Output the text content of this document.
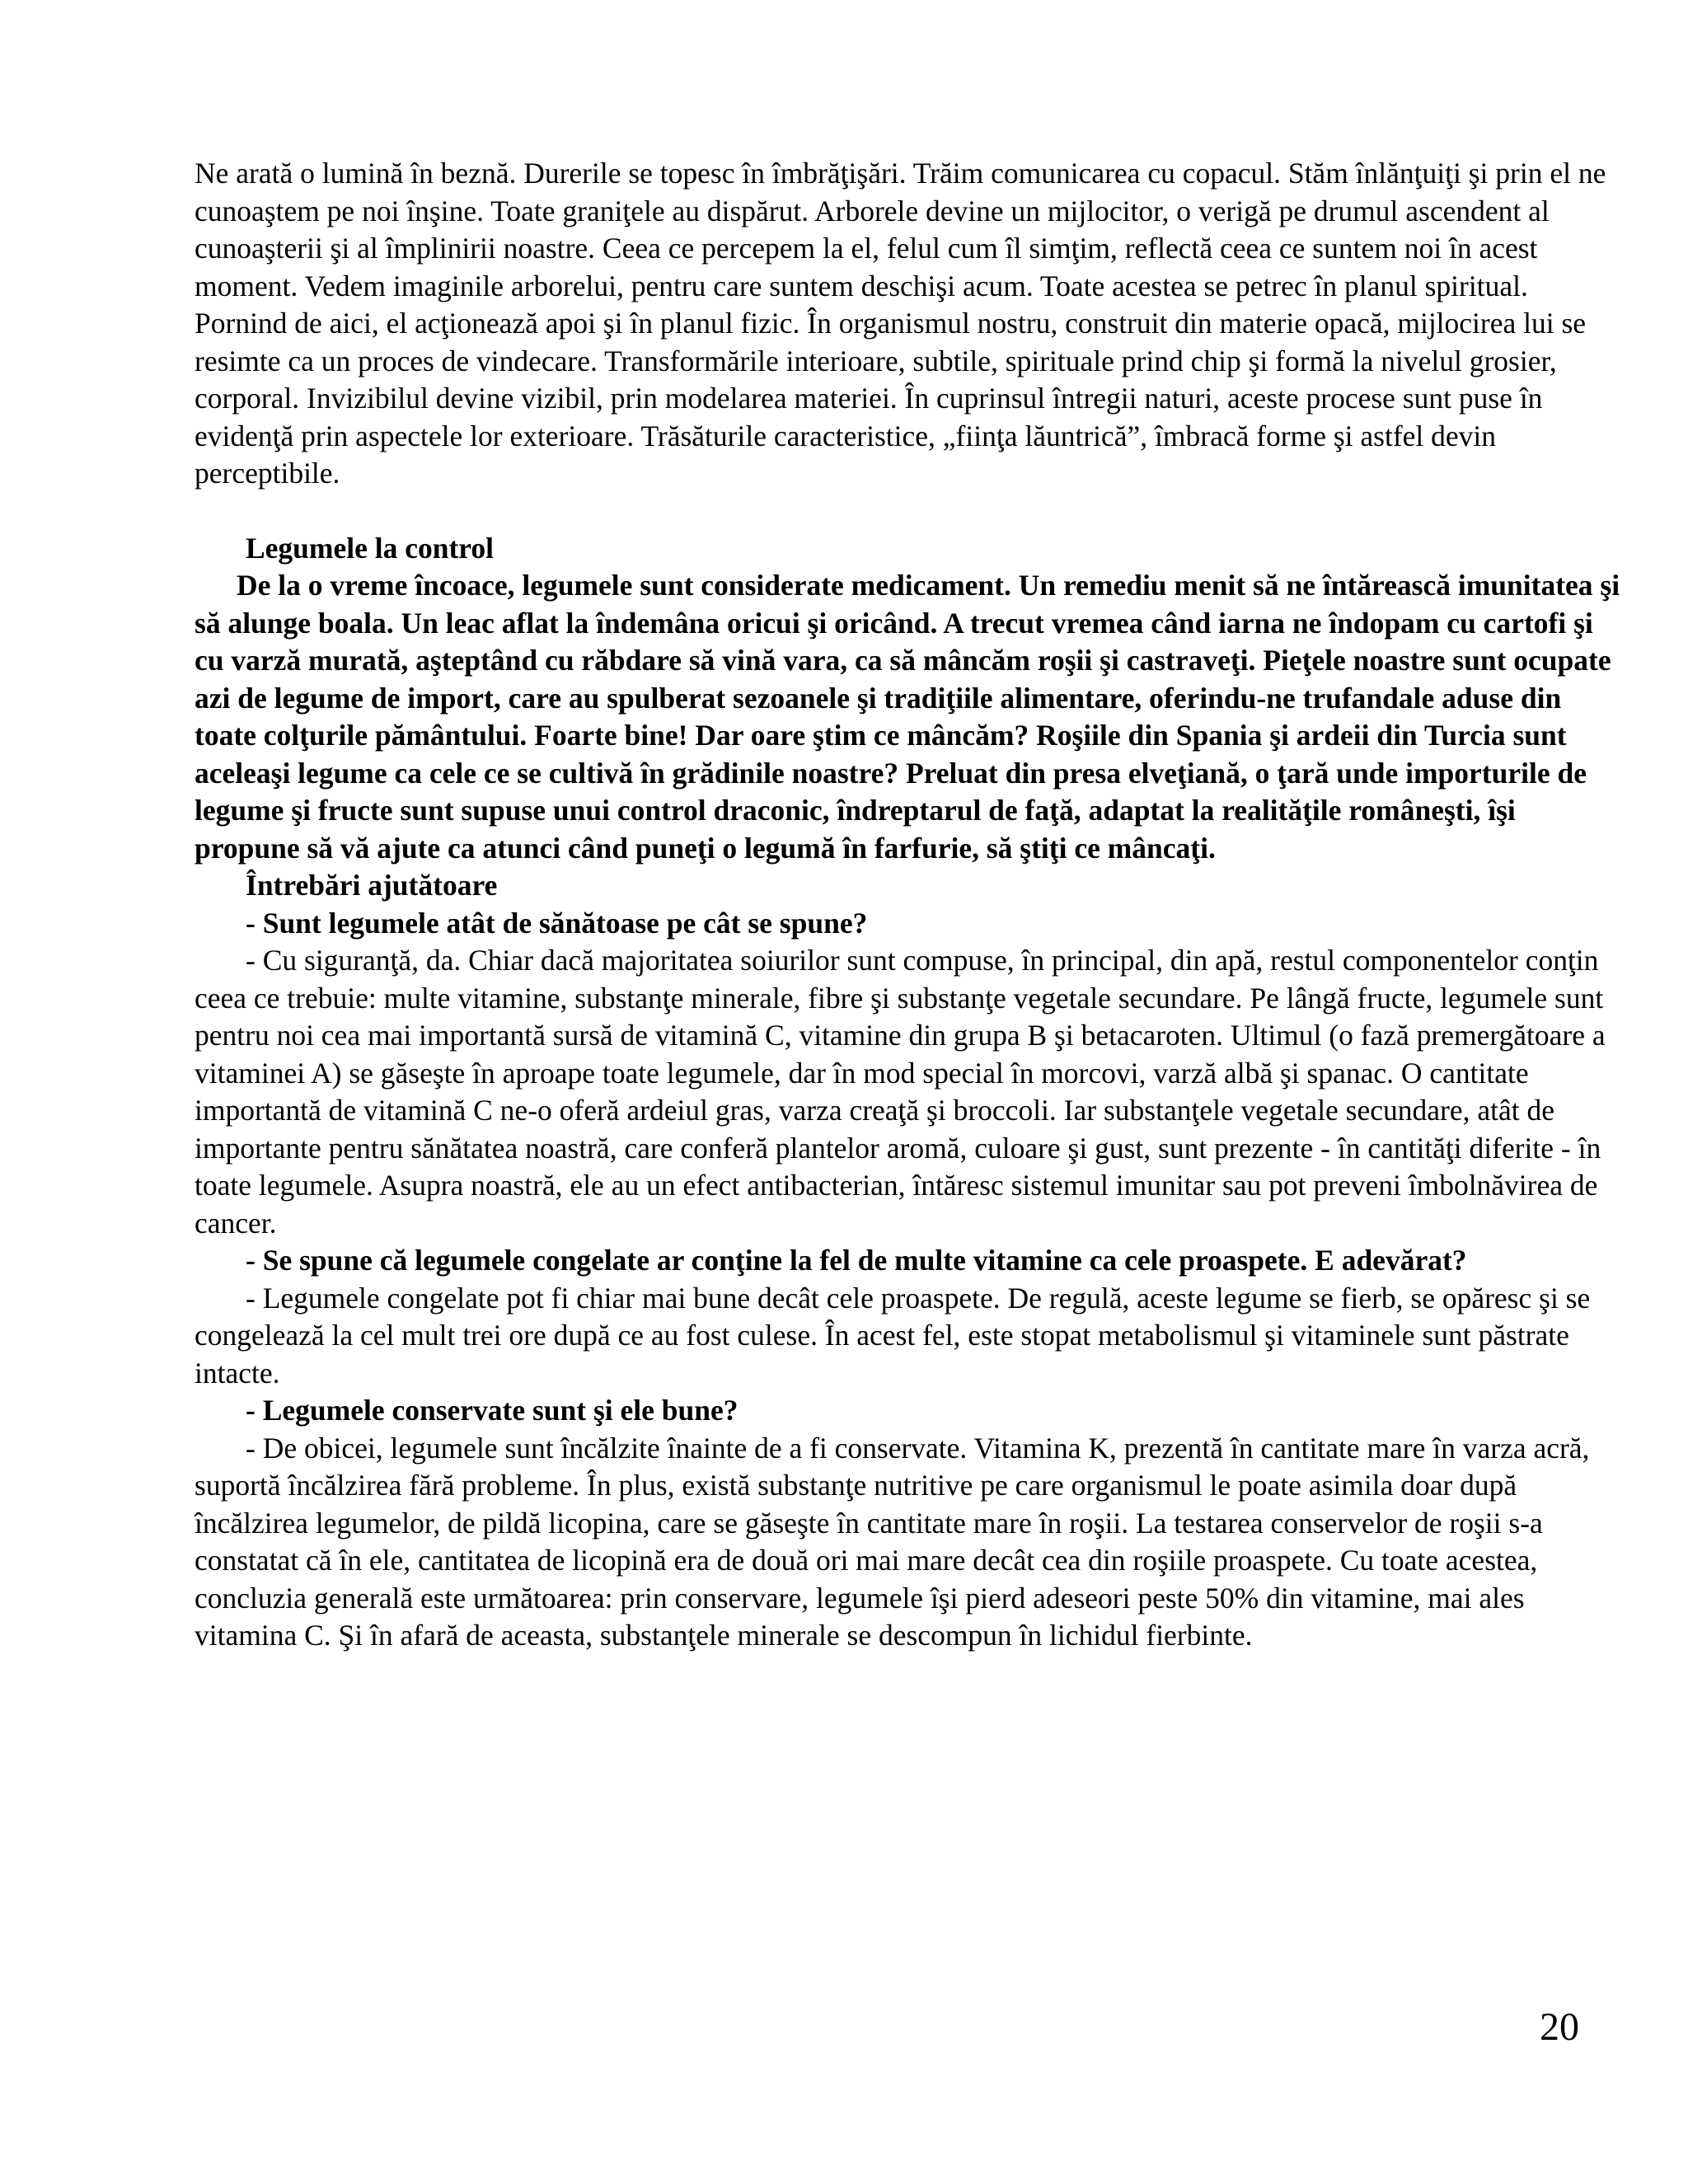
Ne arată o lumină în beznă. Durerile se topesc în îmbrăţişări. Trăim comunicarea cu copacul. Stăm înlănţuiţi şi prin el ne cunoaştem pe noi înşine. Toate graniţele au dispărut. Arborele devine un mijlocitor, o verigă pe drumul ascendent al cunoaşterii şi al împlinirii noastre. Ceea ce percepem la el, felul cum îl simţim, reflectă ceea ce suntem noi în acest moment. Vedem imaginile arborelui, pentru care suntem deschişi acum. Toate acestea se petrec în planul spiritual. Pornind de aici, el acţionează apoi şi în planul fizic. În organismul nostru, construit din materie opacă, mijlocirea lui se resimte ca un proces de vindecare. Transformările interioare, subtile, spirituale prind chip şi formă la nivelul grosier, corporal. Invizibilul devine vizibil, prin modelarea materiei. În cuprinsul întregii naturi, aceste procese sunt puse în evidenţă prin aspectele lor exterioare. Trăsăturile caracteristice, „fiinţa lăuntrică”, îmbracă forme şi astfel devin perceptibile.

Legumele la control

De la o vreme încoace, legumele sunt considerate medicament. Un remediu menit să ne întărească imunitatea şi să alunge boala. Un leac aflat la îndemâna oricui şi oricând. A trecut vremea când iarna ne îndopam cu cartofi şi cu varză murată, aşteptând cu răbdare să vină vara, ca să mâncăm roşii şi castraveţi. Pieţele noastre sunt ocupate azi de legume de import, care au spulberat sezoanele şi tradiţiile alimentare, oferindu-ne trufandale aduse din toate colţurile pământului. Foarte bine! Dar oare ştim ce mâncăm? Roşiile din Spania şi ardeii din Turcia sunt aceleaşi legume ca cele ce se cultivă în grădinile noastre? Preluat din presa elveţiană, o ţară unde importurile de legume şi fructe sunt supuse unui control draconic, îndreptarul de faţă, adaptat la realităţile româneşti, îşi propune să vă ajute ca atunci când puneţi o legumă în farfurie, să ştiţi ce mâncaţi.

Întrebări ajutătoare

- Sunt legumele atât de sănătoase pe cât se spune?

- Cu siguranţă, da. Chiar dacă majoritatea soiurilor sunt compuse, în principal, din apă, restul componentelor conţin ceea ce trebuie: multe vitamine, substanţe minerale, fibre şi substanţe vegetale secundare. Pe lângă fructe, legumele sunt pentru noi cea mai importantă sursă de vitamină C, vitamine din grupa B şi betacaroten. Ultimul (o fază premergătoare a vitaminei A) se găseşte în aproape toate legumele, dar în mod special în morcovi, varză albă şi spanac. O cantitate importantă de vitamină C ne-o oferă ardeiul gras, varza creaţă şi broccoli. Iar substanţele vegetale secundare, atât de importante pentru sănătatea noastră, care conferă plantelor aromă, culoare şi gust, sunt prezente - în cantităţi diferite - în toate legumele. Asupra noastră, ele au un efect antibacterian, întăresc sistemul imunitar sau pot preveni îmbolnăvirea de cancer.

- Se spune că legumele congelate ar conţine la fel de multe vitamine ca cele proaspete. E adevărat?

- Legumele congelate pot fi chiar mai bune decât cele proaspete. De regulă, aceste legume se fierb, se opăresc şi se congelează la cel mult trei ore după ce au fost culese. În acest fel, este stopat metabolismul şi vitaminele sunt păstrate intacte.

- Legumele conservate sunt şi ele bune?

- De obicei, legumele sunt încălzite înainte de a fi conservate. Vitamina K, prezentă în cantitate mare în varza acră, suportă încălzirea fără probleme. În plus, există substanţe nutritive pe care organismul le poate asimila doar după încălzirea legumelor, de pildă licopina, care se găseşte în cantitate mare în roşii. La testarea conservelor de roşii s-a constatat că în ele, cantitatea de licopină era de două ori mai mare decât cea din roşiile proaspete. Cu toate acestea, concluzia generală este următoarea: prin conservare, legumele îşi pierd adeseori peste 50% din vitamine, mai ales vitamina C. Şi în afară de aceasta, substanţele minerale se descompun în lichidul fierbinte.

20
